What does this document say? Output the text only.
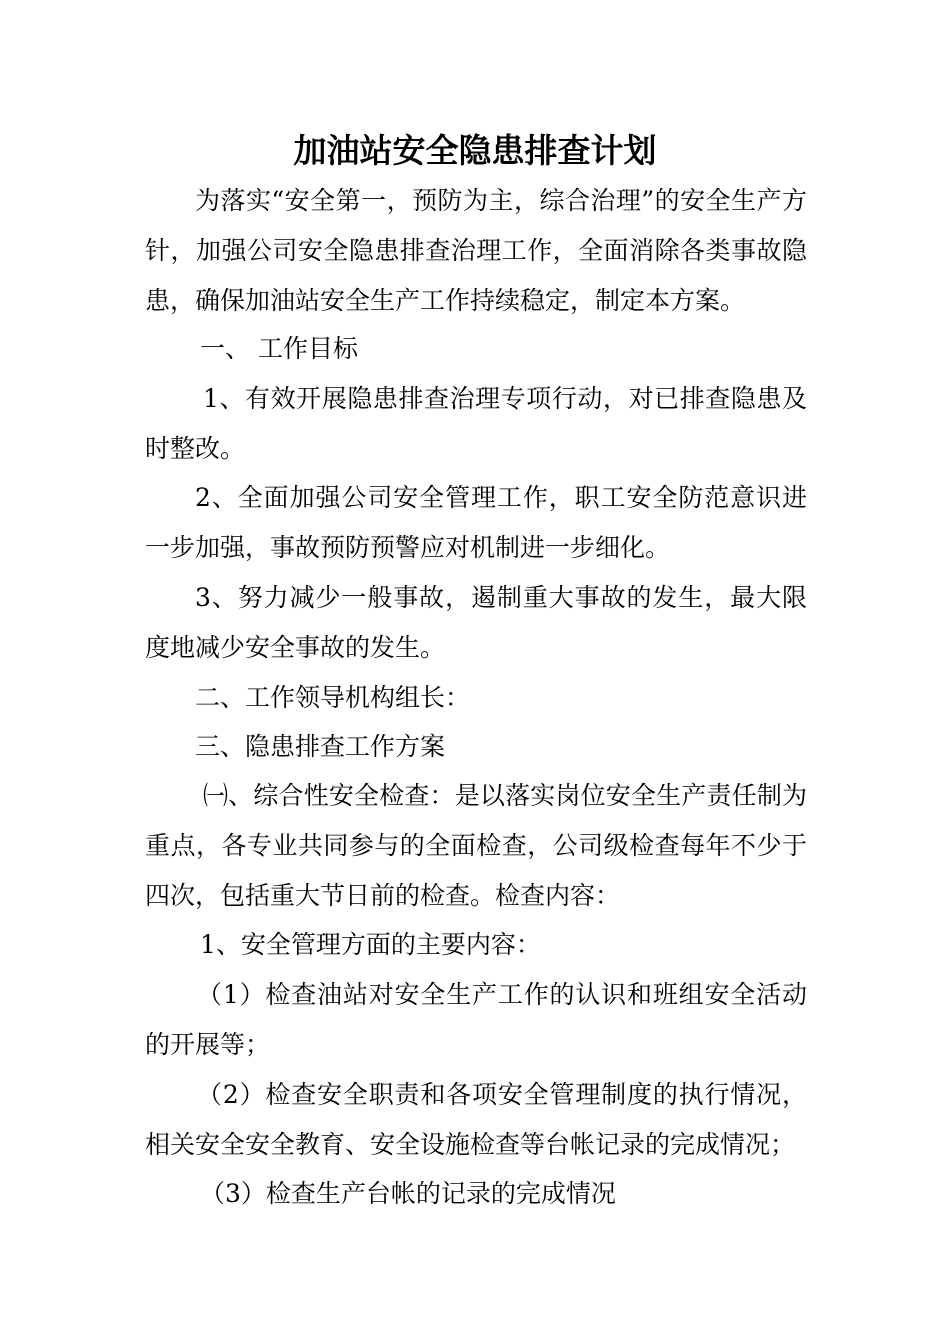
加油站安全隐患排查计划
为落实“安全第一，预防为主，综合治理”的安全生产方针，加强公司安全隐患排查治理工作，全面消除各类事故隐患，确保加油站安全生产工作持续稳定，制定本方案。
一、 工作目标
1、有效开展隐患排查治理专项行动，对已排查隐患及时整改。
2、全面加强公司安全管理工作，职工安全防范意识进一步加强，事故预防预警应对机制进一步细化。
3、努力减少一般事故，遏制重大事故的发生，最大限度地减少安全事故的发生。
二、工作领导机构组长：
三、隐患排查工作方案
㈠、综合性安全检查：是以落实岗位安全生产责任制为重点，各专业共同参与的全面检查，公司级检查每年不少于四次，包括重大节日前的检查。检查内容：
1、安全管理方面的主要内容：
（1）检查油站对安全生产工作的认识和班组安全活动的开展等；
（2）检查安全职责和各项安全管理制度的执行情况，相关安全安全教育、安全设施检查等台帐记录的完成情况；
（3）检查生产台帐的记录的完成情况
